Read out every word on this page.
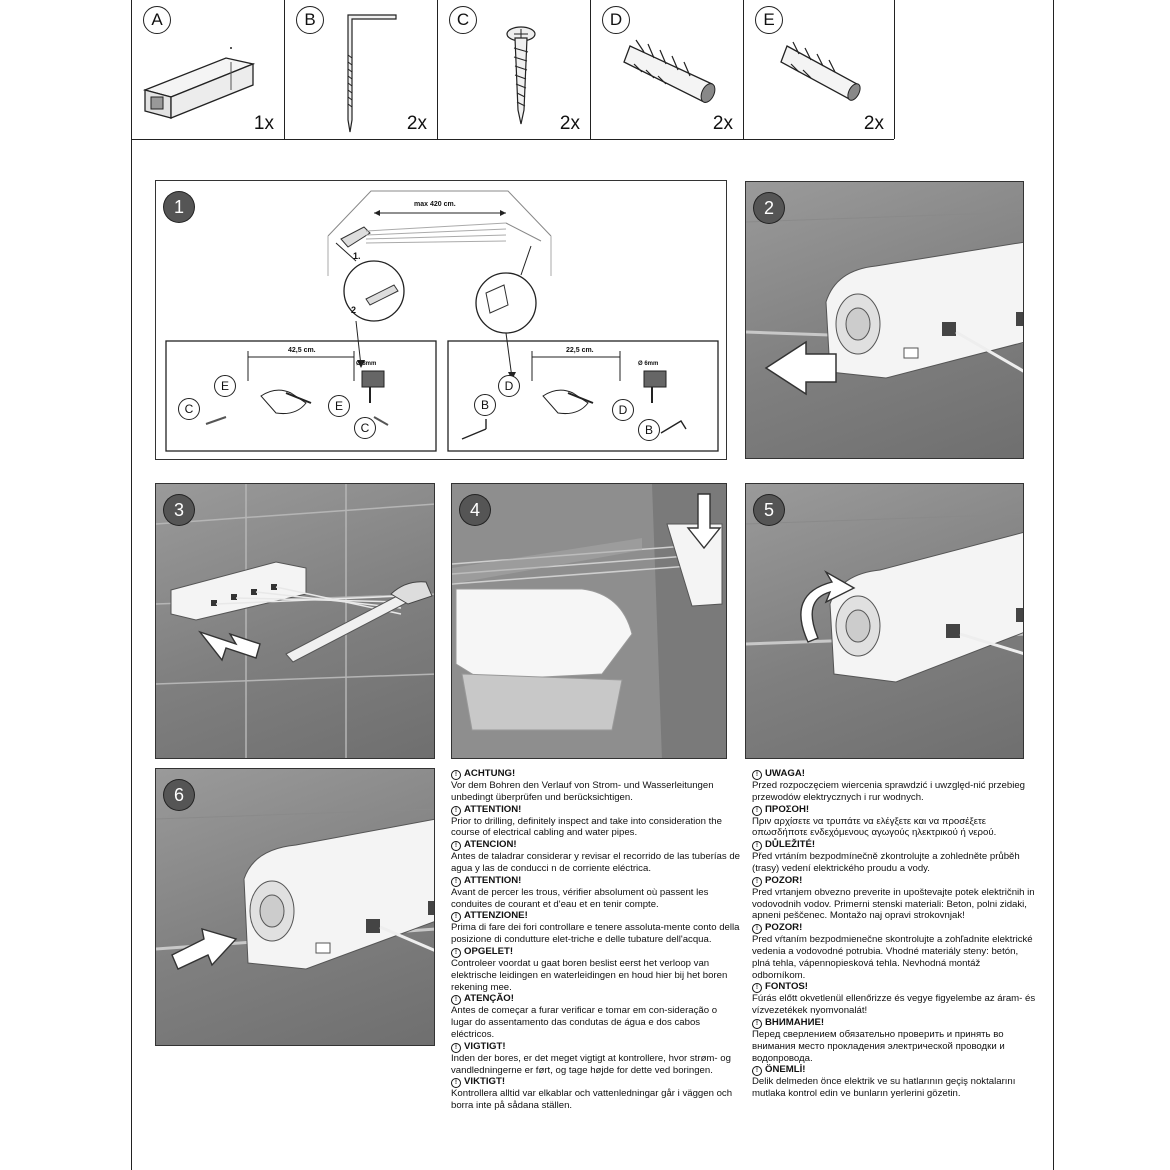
A
1x
B
2x
C
2x
D
2x
E
2x
1	max 420 cm.
1.
2
42,5 cm.	22,5 cm.
Ø 8mm	Ø 6mm
E
C	E
C
D
B	D
B
2
3	4	5
6

! ACHTUNG!
Vor dem Bohren den Verlauf von Strom- und Wasserleitungen unbedingt überprüfen und berücksichtigen.

! ATTENTION!
Prior to drilling, definitely inspect and take into consideration the course of electrical cabling and water pipes.

! ATENCION!
Antes de taladrar considerar y revisar el recorrido de las tuberías de agua y las de conducci n de corriente eléctrica.

! ATTENTION!
Avant de percer les trous, vérifier absolument où passent les conduites de courant et d'eau et en tenir compte.

! ATTENZIONE!
Prima di fare dei fori controllare e tenere assoluta-mente conto della posizione di condutture elet-triche e delle tubature dell'acqua.

! OPGELET!
Controleer voordat u gaat boren beslist eerst het verloop van elektrische leidingen en waterleidingen en houd hier bij het boren rekening mee.

! ATENÇÃO!
Antes de começar a furar verificar e tomar em con-sideração o lugar do assentamento das condutas de água e dos cabos eléctricos.

! VIGTIGT!
Inden der bores, er det meget vigtigt at kontrollere, hvor strøm- og vandledningerne er ført, og tage højde for dette ved boringen.

! VIKTIGT!
Kontrollera alltid var elkablar och vattenledningar går i väggen och borra inte på sådana ställen.

! UWAGA!
Przed rozpoczęciem wiercenia sprawdzić i uwzględ-nić przebieg przewodów elektrycznych i rur wodnych.

! ΠΡΟΣΟΗ!
Πριν αρχίσετε να τρυπάτε να ελέγξετε και να προσέξετε οπωσδήποτε ενδεχόμενους αγωγούς ηλεκτρικού ή νερού.

! DŮLEŽITÉ!
Před vrtáním bezpodmínečně zkontrolujte a zohledněte průběh (trasy) vedení elektrického proudu a vody.

! POZOR!
Pred vrtanjem obvezno preverite in upoštevajte potek električnih in vodovodnih vodov. Primerni stenski materiali: Beton, polni zidaki, apneni peščenec. Montažo naj opravi strokovnjak!

! POZOR!
Pred vŕtaním bezpodmienečne skontrolujte a zohľadnite elektrické vedenia a vodovodné potrubia. Vhodné materiály steny: betón, plná tehla, vápennopiesková tehla. Nevhodná montáž odborníkom.

! FONTOS!
Fúrás előtt okvetlenül ellenőrizze és vegye figyelembe az áram- és vízvezetékek nyomvonalát!

! ВНИМАНИЕ!
Перед сверлением обязательно проверить и принять во внимания место прокладения электрической проводки и водопровода.

! ÖNEMLİ!
Delik delmeden önce elektrik ve su hatlarının geçiş noktalarını mutlaka kontrol edin ve bunların yerlerini gözetin.
